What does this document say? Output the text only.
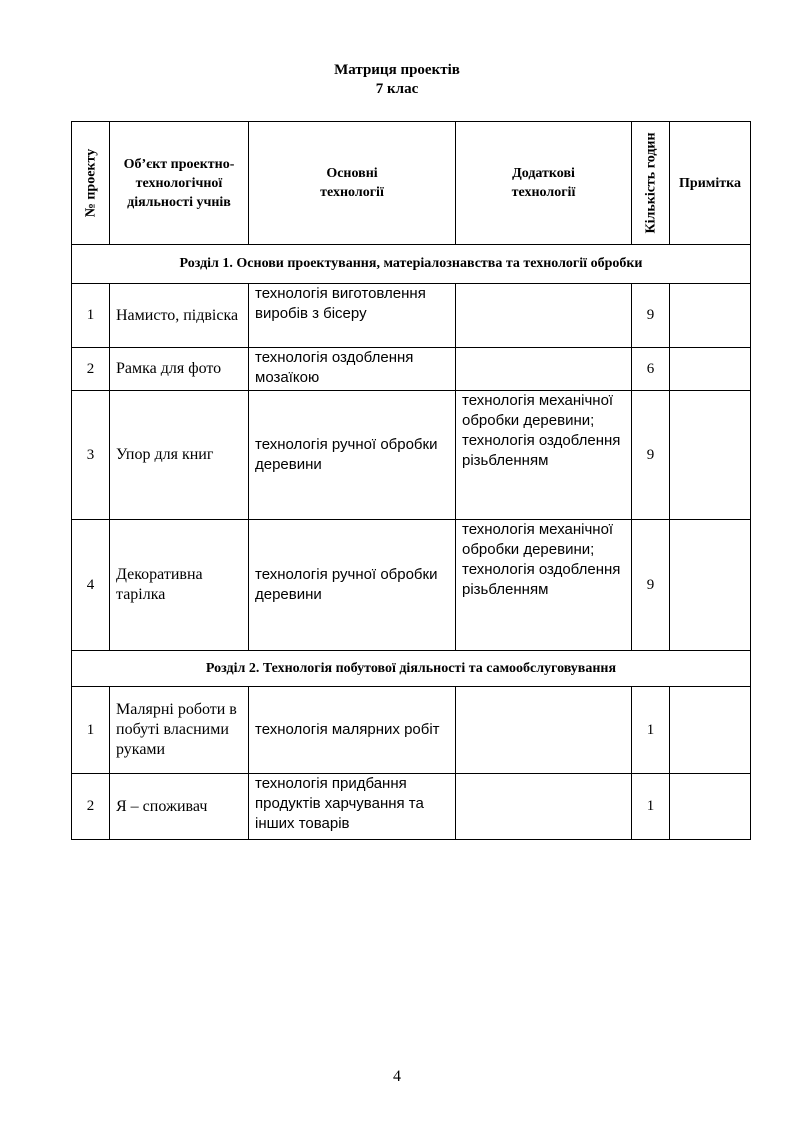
Матриця проектів
7 клас
№ проекту	Об’єкт проектно-технологічної діяльності учнів	Основні технології	Додаткові технології	Кількість годин	Примітка
Розділ 1. Основи проектування, матеріалознавства та технології обробки					
1	Намисто, підвіска	технологія виготовлення виробів з бісеру		9	
2	Рамка для фото	технологія оздоблення мозаїкою		6	
3	Упор для книг	технологія ручної обробки деревини	технологія механічної обробки деревини; технологія оздоблення різьбленням	9	
4	Декоративна тарілка	технологія ручної обробки деревини	технологія механічної обробки деревини; технологія оздоблення різьбленням	9	
Розділ 2. Технологія побутової діяльності та самообслуговування					
1	Малярні роботи в побуті власними руками	технологія малярних робіт		1	
2	Я – споживач	технологія придбання продуктів харчування та інших товарів		1	
4
